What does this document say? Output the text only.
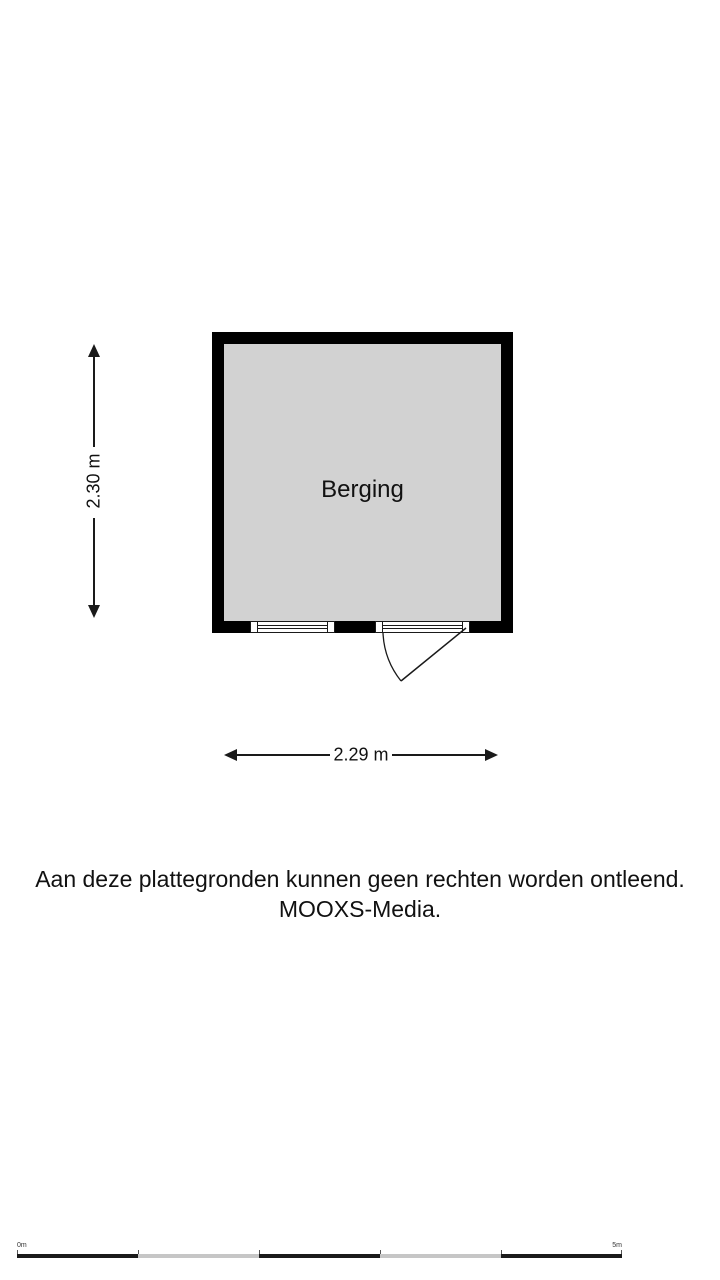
Berging
2.30 m
2.29 m
Aan deze plattegronden kunnen geen rechten worden ontleend.
MOOXS-Media.
0m	5m
